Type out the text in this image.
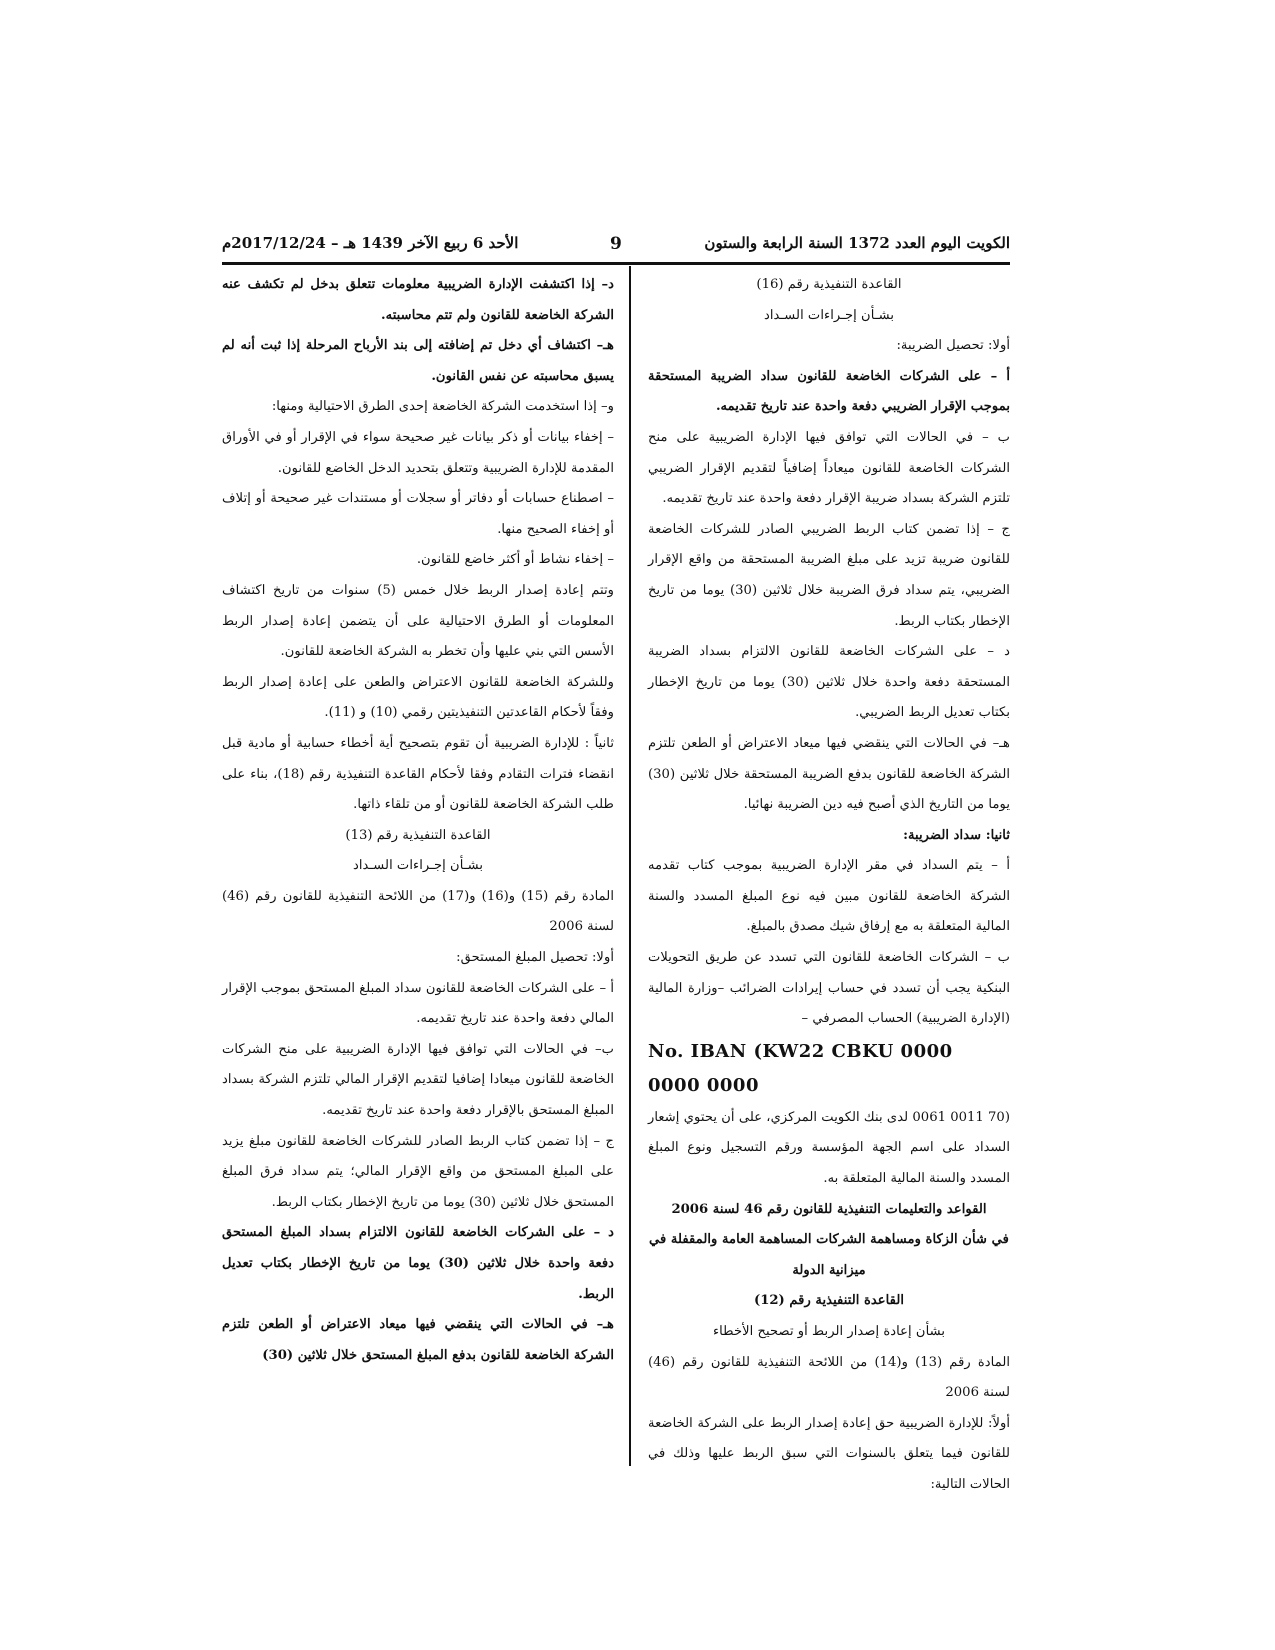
الكويت اليوم العدد 1372 السنة الرابعة والستون
9
الأحد 6 ربيع الآخر 1439 هـ – 2017/12/24م

القاعدة التنفيذية رقم (16)

بشـأن إجـراءات السـداد

أولا: تحصيل الضريبة:

أ – على الشركات الخاضعة للقانون سداد الضريبة المستحقة بموجب الإقرار الضريبي دفعة واحدة عند تاريخ تقديمه.

ب – في الحالات التي توافق فيها الإدارة الضريبية على منح الشركات الخاضعة للقانون ميعاداً إضافياً لتقديم الإقرار الضريبي تلتزم الشركة بسداد ضريبة الإقرار دفعة واحدة عند تاريخ تقديمه.

ج – إذا تضمن كتاب الربط الضريبي الصادر للشركات الخاضعة للقانون ضريبة تزيد على مبلغ الضريبة المستحقة من واقع الإقرار الضريبي، يتم سداد فرق الضريبة خلال ثلاثين (30) يوما من تاريخ الإخطار بكتاب الربط.

د – على الشركات الخاضعة للقانون الالتزام بسداد الضريبة المستحقة دفعة واحدة خلال ثلاثين (30) يوما من تاريخ الإخطار بكتاب تعديل الربط الضريبي.

هـ– في الحالات التي ينقضي فيها ميعاد الاعتراض أو الطعن تلتزم الشركة الخاضعة للقانون بدفع الضريبة المستحقة خلال ثلاثين (30) يوما من التاريخ الذي أصبح فيه دين الضريبة نهائيا.

ثانيا: سداد الضريبة:

أ – يتم السداد في مقر الإدارة الضريبية بموجب كتاب تقدمه الشركة الخاضعة للقانون مبين فيه نوع المبلغ المسدد والسنة المالية المتعلقة به مع إرفاق شيك مصدق بالمبلغ.

ب – الشركات الخاضعة للقانون التي تسدد عن طريق التحويلات البنكية يجب أن تسدد في حساب إيرادات الضرائب –وزارة المالية (الإدارة الضريبية) الحساب المصرفي –

No. IBAN (KW22 CBKU 0000 0000 0000

(70 0011 0061 لدى بنك الكويت المركزي، على أن يحتوي إشعار السداد على اسم الجهة المؤسسة ورقم التسجيل ونوع المبلغ المسدد والسنة المالية المتعلقة به.

القواعد والتعليمات التنفيذية للقانون رقم 46 لسنة 2006

في شأن الزكاة ومساهمة الشركات المساهمة العامة والمقفلة في ميزانية الدولة

القاعدة التنفيذية رقم (12)

بشأن إعادة إصدار الربط أو تصحيح الأخطاء

المادة رقم (13) و(14) من اللائحة التنفيذية للقانون رقم (46) لسنة 2006

أولاً: للإدارة الضريبية حق إعادة إصدار الربط على الشركة الخاضعة للقانون فيما يتعلق بالسنوات التي سبق الربط عليها وذلك في الحالات التالية:

د– إذا اكتشفت الإدارة الضريبية معلومات تتعلق بدخل لم تكشف عنه الشركة الخاضعة للقانون ولم تتم محاسبته.

هـ– اكتشاف أي دخل تم إضافته إلى بند الأرباح المرحلة إذا ثبت أنه لم يسبق محاسبته عن نفس القانون.

و– إذا استخدمت الشركة الخاضعة إحدى الطرق الاحتيالية ومنها:

– إخفاء بيانات أو ذكر بيانات غير صحيحة سواء في الإقرار أو في الأوراق المقدمة للإدارة الضريبية وتتعلق بتحديد الدخل الخاضع للقانون.

– اصطناع حسابات أو دفاتر أو سجلات أو مستندات غير صحيحة أو إتلاف أو إخفاء الصحيح منها.

– إخفاء نشاط أو أكثر خاضع للقانون.

وتتم إعادة إصدار الربط خلال خمس (5) سنوات من تاريخ اكتشاف المعلومات أو الطرق الاحتيالية على أن يتضمن إعادة إصدار الربط الأسس التي بني عليها وأن تخطر به الشركة الخاضعة للقانون.

وللشركة الخاضعة للقانون الاعتراض والطعن على إعادة إصدار الربط وفقاً لأحكام القاعدتين التنفيذيتين رقمي (10) و (11).

ثانياً : للإدارة الضريبية أن تقوم بتصحيح أية أخطاء حسابية أو مادية قبل انقضاء فترات التقادم وفقا لأحكام القاعدة التنفيذية رقم (18)، بناء على طلب الشركة الخاضعة للقانون أو من تلقاء ذاتها.

القاعدة التنفيذية رقم (13)

بشـأن إجـراءات السـداد

المادة رقم (15) و(16) و(17) من اللائحة التنفيذية للقانون رقم (46) لسنة 2006

أولا: تحصيل المبلغ المستحق:

أ – على الشركات الخاضعة للقانون سداد المبلغ المستحق بموجب الإقرار المالي دفعة واحدة عند تاريخ تقديمه.

ب– في الحالات التي توافق فيها الإدارة الضريبية على منح الشركات الخاضعة للقانون ميعادا إضافيا لتقديم الإقرار المالي تلتزم الشركة بسداد المبلغ المستحق بالإقرار دفعة واحدة عند تاريخ تقديمه.

ج – إذا تضمن كتاب الربط الصادر للشركات الخاضعة للقانون مبلغ يزيد على المبلغ المستحق من واقع الإقرار المالي؛ يتم سداد فرق المبلغ المستحق خلال ثلاثين (30) يوما من تاريخ الإخطار بكتاب الربط.

د – على الشركات الخاضعة للقانون الالتزام بسداد المبلغ المستحق دفعة واحدة خلال ثلاثين (30) يوما من تاريخ الإخطار بكتاب تعديل الربط.

هـ– في الحالات التي ينقضي فيها ميعاد الاعتراض أو الطعن تلتزم الشركة الخاضعة للقانون بدفع المبلغ المستحق خلال ثلاثين (30)
